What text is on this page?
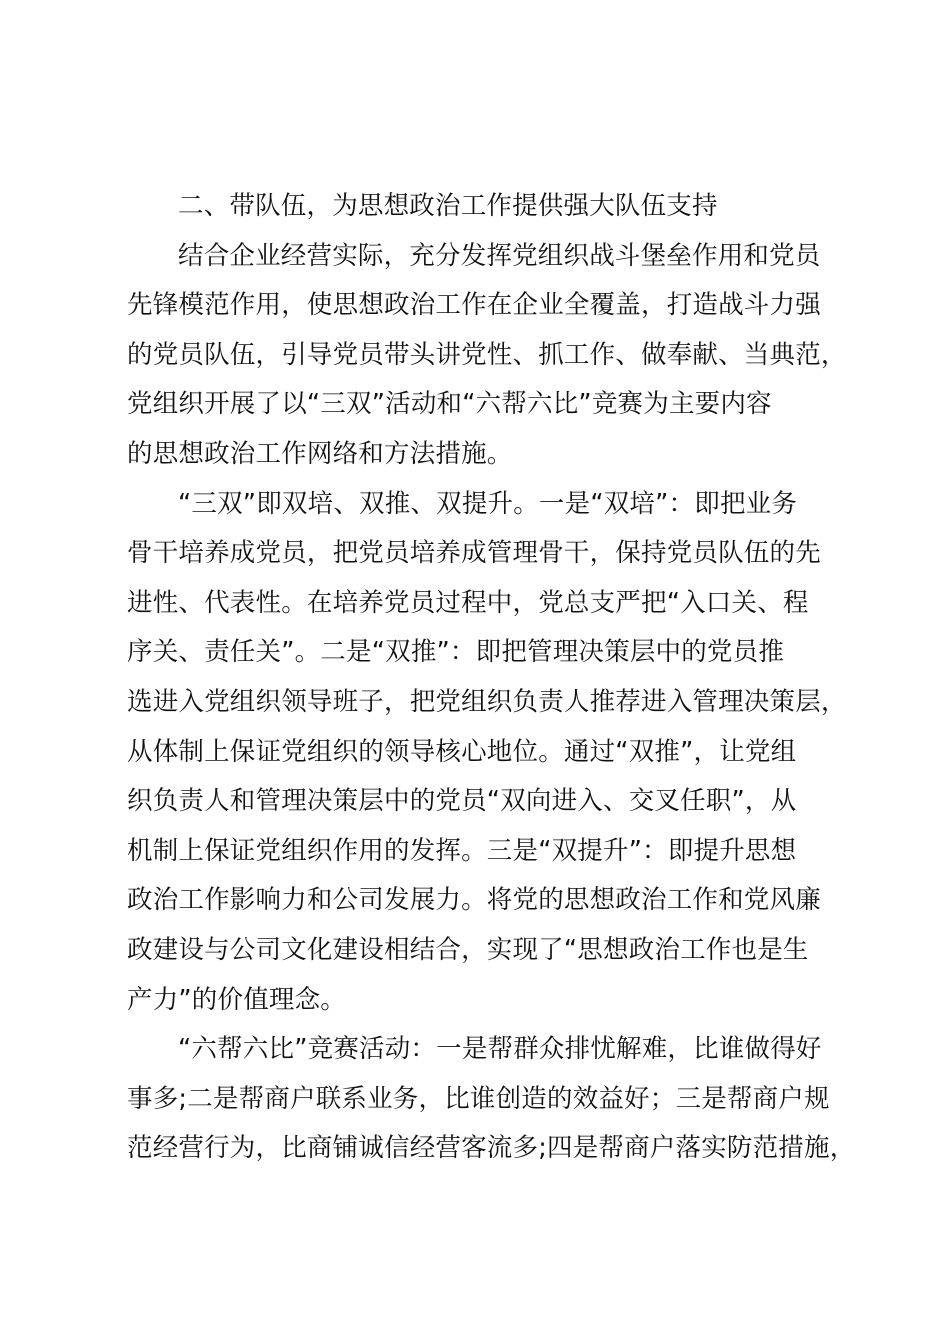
二、带队伍，为思想政治工作提供强大队伍支持
结合企业经营实际，充分发挥党组织战斗堡垒作用和党员
先锋模范作用，使思想政治工作在企业全覆盖，打造战斗力强
的党员队伍，引导党员带头讲党性、抓工作、做奉献、当典范，
党组织开展了以“三双”活动和“六帮六比”竞赛为主要内容
的思想政治工作网络和方法措施。
“三双”即双培、双推、双提升。一是“双培”：即把业务
骨干培养成党员，把党员培养成管理骨干，保持党员队伍的先
进性、代表性。在培养党员过程中，党总支严把“入口关、程
序关、责任关”。二是“双推”：即把管理决策层中的党员推
选进入党组织领导班子，把党组织负责人推荐进入管理决策层，
从体制上保证党组织的领导核心地位。通过“双推”，让党组
织负责人和管理决策层中的党员“双向进入、交叉任职”，从
机制上保证党组织作用的发挥。三是“双提升”：即提升思想
政治工作影响力和公司发展力。将党的思想政治工作和党风廉
政建设与公司文化建设相结合，实现了“思想政治工作也是生
产力”的价值理念。
“六帮六比”竞赛活动：一是帮群众排忧解难，比谁做得好
事多;二是帮商户联系业务，比谁创造的效益好；三是帮商户规
范经营行为，比商铺诚信经营客流多;四是帮商户落实防范措施，
